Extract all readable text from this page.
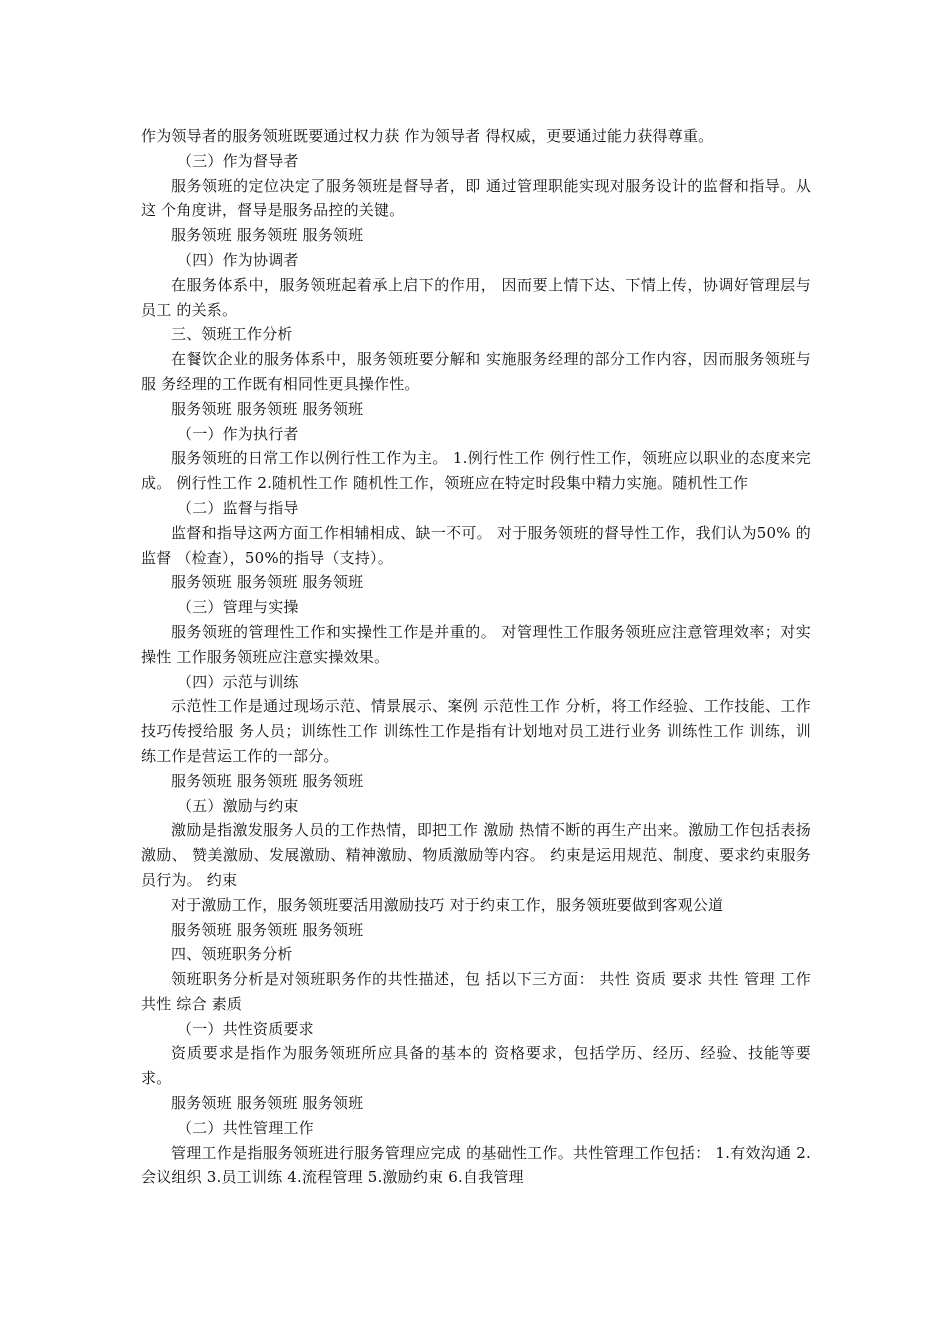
作为领导者的服务领班既要通过权力获 作为领导者 得权威，更要通过能力获得尊重。

（三）作为督导者

服务领班的定位决定了服务领班是督导者，即 通过管理职能实现对服务设计的监督和指导。从这 个角度讲，督导是服务品控的关键。

服务领班 服务领班 服务领班

（四）作为协调者

在服务体系中，服务领班起着承上启下的作用， 因而要上情下达、下情上传，协调好管理层与员工 的关系。

三、领班工作分析

在餐饮企业的服务体系中，服务领班要分解和 实施服务经理的部分工作内容，因而服务领班与服 务经理的工作既有相同性更具操作性。

服务领班 服务领班 服务领班

（一）作为执行者

服务领班的日常工作以例行性工作为主。 1.例行性工作 例行性工作，领班应以职业的态度来完成。 例行性工作 2.随机性工作 随机性工作，领班应在特定时段集中精力实施。随机性工作

（二）监督与指导

监督和指导这两方面工作相辅相成、缺一不可。 对于服务领班的督导性工作，我们认为50% 的监督 （检查），50%的指导（支持）。

服务领班 服务领班 服务领班

（三）管理与实操

服务领班的管理性工作和实操性工作是并重的。 对管理性工作服务领班应注意管理效率；对实操性 工作服务领班应注意实操效果。

（四）示范与训练

示范性工作是通过现场示范、情景展示、案例 示范性工作 分析，将工作经验、工作技能、工作技巧传授给服 务人员；训练性工作 训练性工作是指有计划地对员工进行业务 训练性工作 训练，训练工作是营运工作的一部分。

服务领班 服务领班 服务领班

（五）激励与约束

激励是指激发服务人员的工作热情，即把工作 激励 热情不断的再生产出来。激励工作包括表扬激励、 赞美激励、发展激励、精神激励、物质激励等内容。 约束是运用规范、制度、要求约束服务员行为。 约束

对于激励工作，服务领班要活用激励技巧 对于约束工作，服务领班要做到客观公道

服务领班 服务领班 服务领班

四、领班职务分析

领班职务分析是对领班职务作的共性描述，包 括以下三方面： 共性 资质 要求 共性 管理 工作 共性 综合 素质

（一）共性资质要求

资质要求是指作为服务领班所应具备的基本的 资格要求，包括学历、经历、经验、技能等要求。

服务领班 服务领班 服务领班

（二）共性管理工作

管理工作是指服务领班进行服务管理应完成 的基础性工作。共性管理工作包括： 1.有效沟通 2.会议组织 3.员工训练 4.流程管理 5.激励约束 6.自我管理
